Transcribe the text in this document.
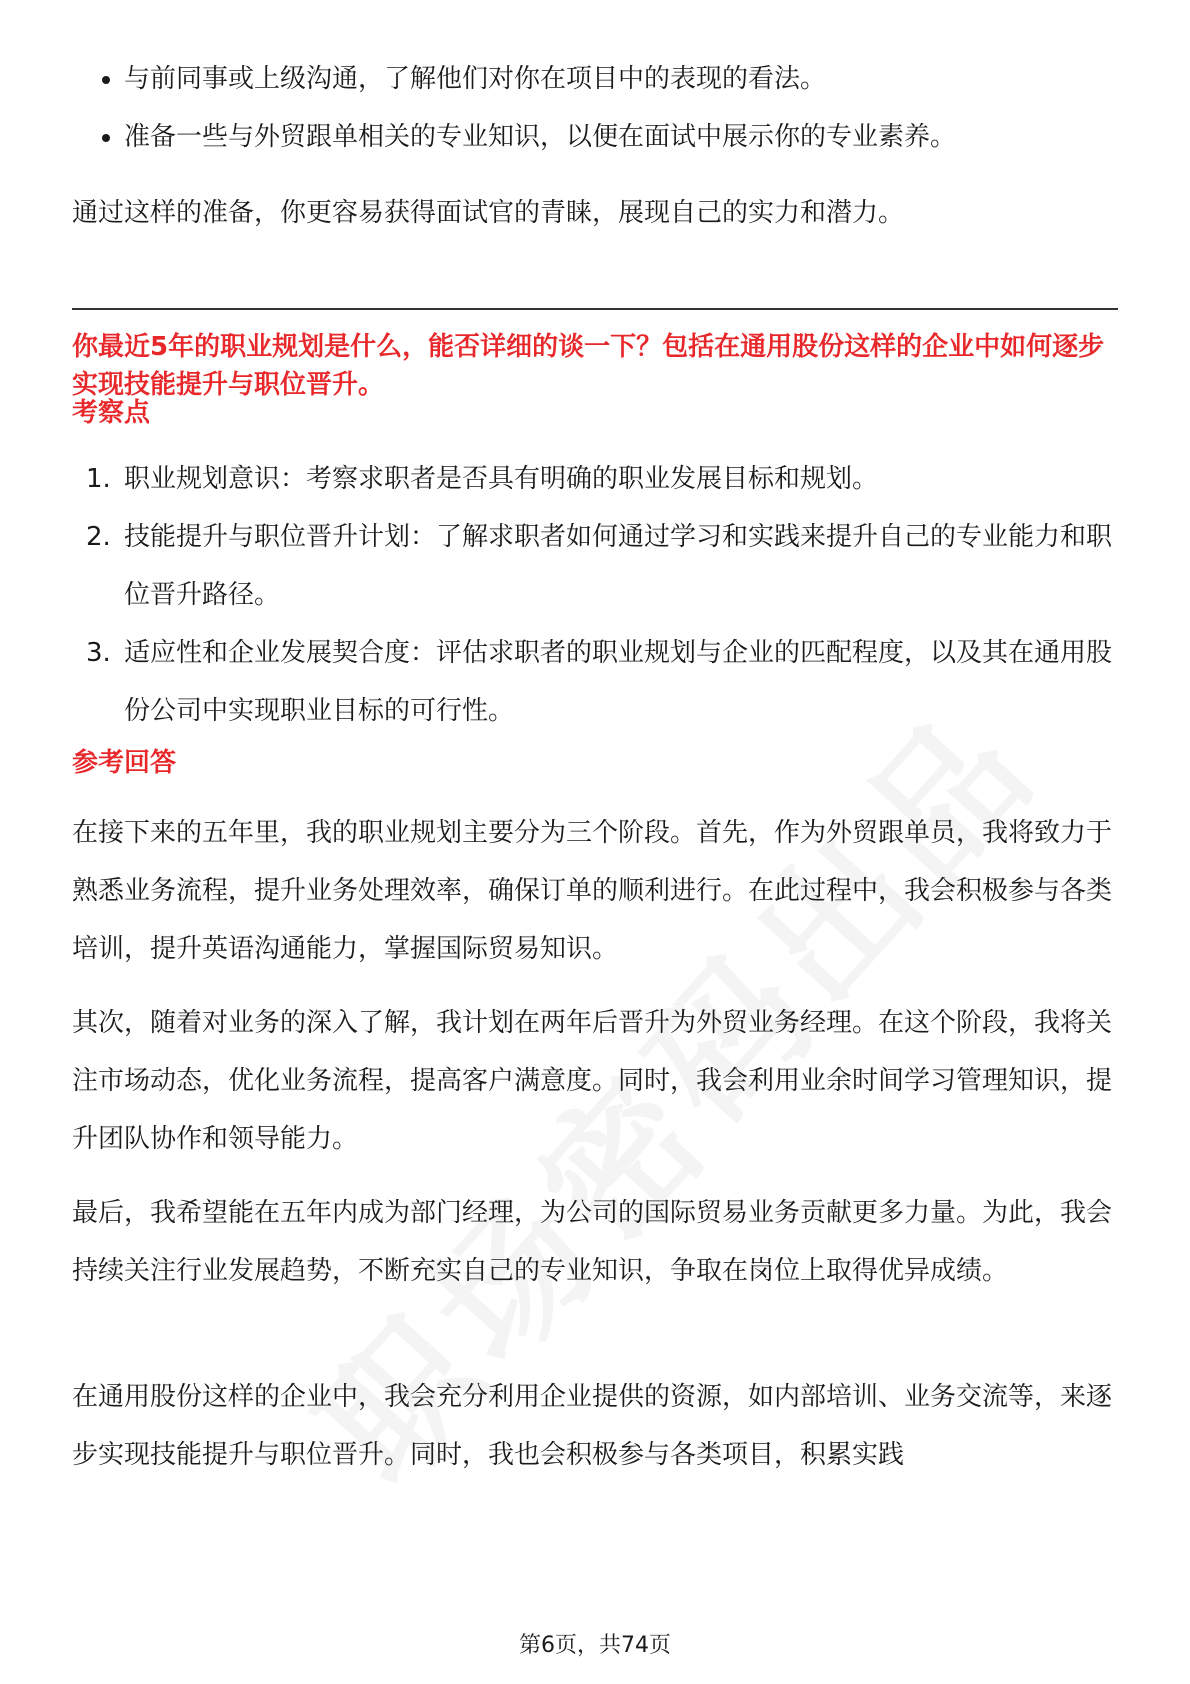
与前同事或上级沟通，了解他们对你在项目中的表现的看法。
准备一些与外贸跟单相关的专业知识，以便在面试中展示你的专业素养。

通过这样的准备，你更容易获得面试官的青睐，展现自己的实力和潜力。

你最近5年的职业规划是什么，能否详细的谈一下？包括在通用股份这样的企业中如何逐步实现技能提升与职位晋升。

考察点
1. 职业规划意识：考察求职者是否具有明确的职业发展目标和规划。
2. 技能提升与职位晋升计划：了解求职者如何通过学习和实践来提升自己的专业能力和职位晋升路径。
3. 适应性和企业发展契合度：评估求职者的职业规划与企业的匹配程度，以及其在通用股份公司中实现职业目标的可行性。
参考回答

在接下来的五年里，我的职业规划主要分为三个阶段。首先，作为外贸跟单员，我将致力于熟悉业务流程，提升业务处理效率，确保订单的顺利进行。在此过程中，我会积极参与各类培训，提升英语沟通能力，掌握国际贸易知识。

其次，随着对业务的深入了解，我计划在两年后晋升为外贸业务经理。在这个阶段，我将关注市场动态，优化业务流程，提高客户满意度。同时，我会利用业余时间学习管理知识，提升团队协作和领导能力。

最后，我希望能在五年内成为部门经理，为公司的国际贸易业务贡献更多力量。为此，我会持续关注行业发展趋势，不断充实自己的专业知识，争取在岗位上取得优异成绩。

在通用股份这样的企业中，我会充分利用企业提供的资源，如内部培训、业务交流等，来逐步实现技能提升与职位晋升。同时，我也会积极参与各类项目，积累实践

第6页，共74页
